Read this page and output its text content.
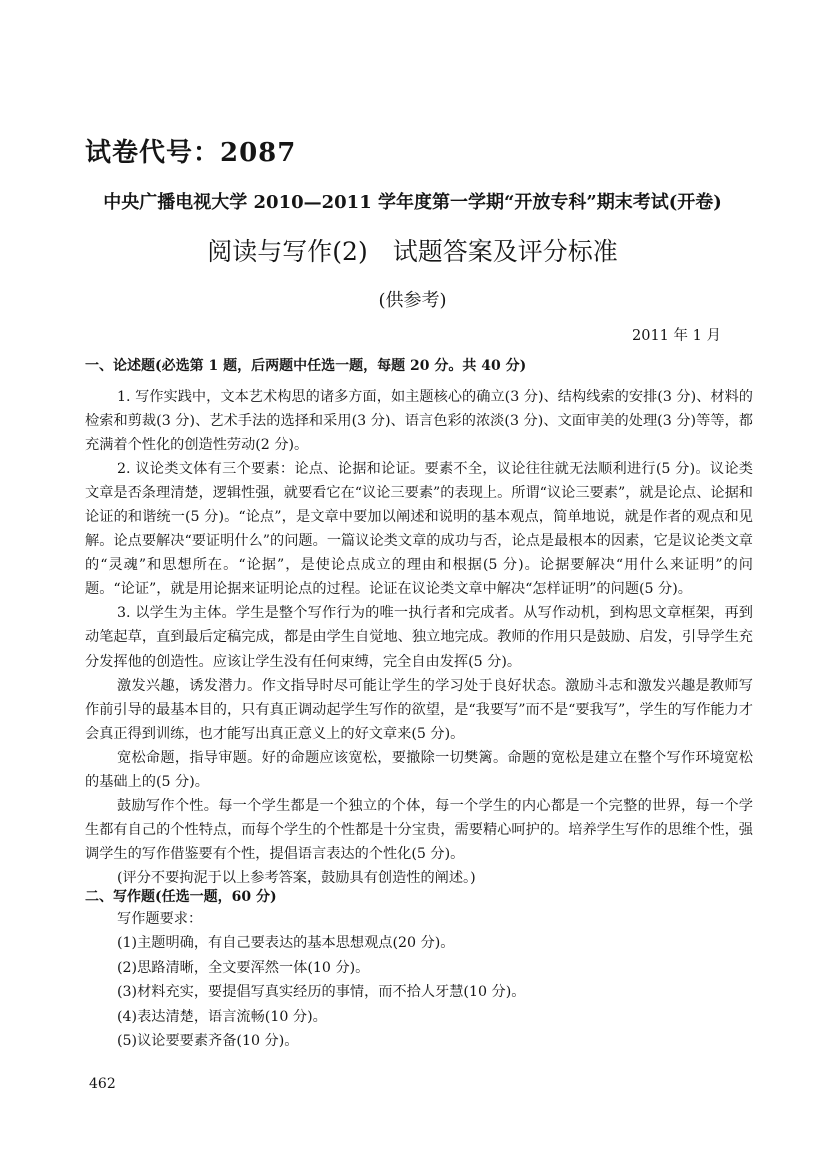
试卷代号：2087
中央广播电视大学 2010—2011 学年度第一学期“开放专科”期末考试(开卷)
阅读与写作(2)　试题答案及评分标准
(供参考)
2011 年 1 月
一、论述题(必选第 1 题，后两题中任选一题，每题 20 分。共 40 分)

1. 写作实践中，文本艺术构思的诸多方面，如主题核心的确立(3 分)、结构线索的安排(3 分)、材料的检索和剪裁(3 分)、艺术手法的选择和采用(3 分)、语言色彩的浓淡(3 分)、文面审美的处理(3 分)等等，都充满着个性化的创造性劳动(2 分)。

2. 议论类文体有三个要素：论点、论据和论证。要素不全，议论往往就无法顺利进行(5 分)。议论类文章是否条理清楚，逻辑性强，就要看它在“议论三要素”的表现上。所谓“议论三要素”，就是论点、论据和论证的和谐统一(5 分)。“论点”，是文章中要加以阐述和说明的基本观点，简单地说，就是作者的观点和见解。论点要解决“要证明什么”的问题。一篇议论类文章的成功与否，论点是最根本的因素，它是议论类文章的“灵魂”和思想所在。“论据”，是使论点成立的理由和根据(5 分)。论据要解决“用什么来证明”的问题。“论证”，就是用论据来证明论点的过程。论证在议论类文章中解决“怎样证明”的问题(5 分)。

3. 以学生为主体。学生是整个写作行为的唯一执行者和完成者。从写作动机，到构思文章框架，再到动笔起草，直到最后定稿完成，都是由学生自觉地、独立地完成。教师的作用只是鼓励、启发，引导学生充分发挥他的创造性。应该让学生没有任何束缚，完全自由发挥(5 分)。

激发兴趣，诱发潜力。作文指导时尽可能让学生的学习处于良好状态。激励斗志和激发兴趣是教师写作前引导的最基本目的，只有真正调动起学生写作的欲望，是“我要写”而不是“要我写”，学生的写作能力才会真正得到训练，也才能写出真正意义上的好文章来(5 分)。

宽松命题，指导审题。好的命题应该宽松，要撤除一切樊篱。命题的宽松是建立在整个写作环境宽松的基础上的(5 分)。

鼓励写作个性。每一个学生都是一个独立的个体，每一个学生的内心都是一个完整的世界，每一个学生都有自己的个性特点，而每个学生的个性都是十分宝贵，需要精心呵护的。培养学生写作的思维个性，强调学生的写作借鉴要有个性，提倡语言表达的个性化(5 分)。

(评分不要拘泥于以上参考答案，鼓励具有创造性的阐述。)

二、写作题(任选一题，60 分)
写作题要求：
(1)主题明确，有自己要表达的基本思想观点(20 分)。
(2)思路清晰，全文要浑然一体(10 分)。
(3)材料充实，要提倡写真实经历的事情，而不拾人牙慧(10 分)。
(4)表达清楚，语言流畅(10 分)。
(5)议论要要素齐备(10 分)。
462
